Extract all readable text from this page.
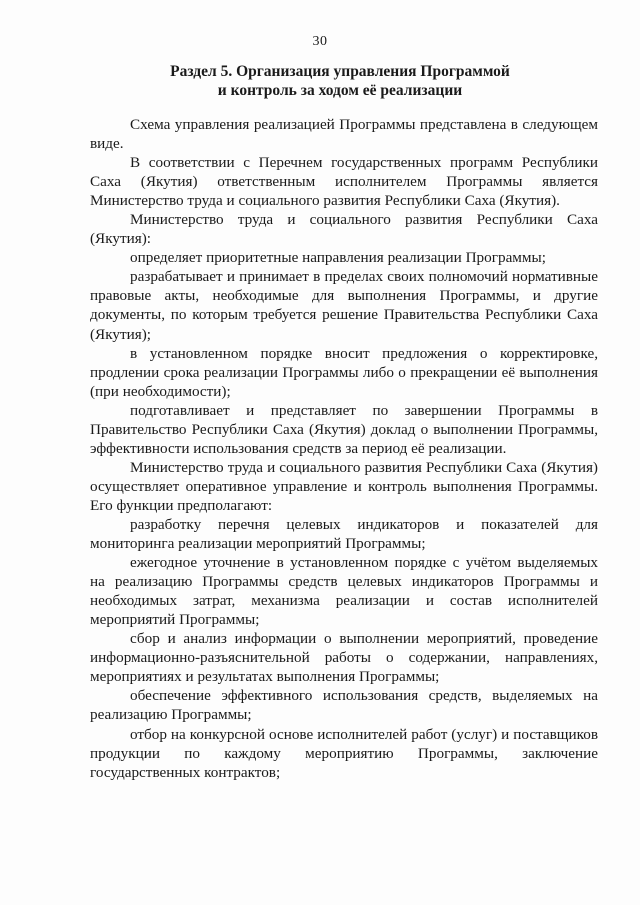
30
Раздел 5. Организация управления Программой
и контроль за ходом её реализации

Схема управления реализацией Программы представлена в следующем виде.

В соответствии с Перечнем государственных программ Республики Саха (Якутия) ответственным исполнителем Программы является Министерство труда и социального развития Республики Саха (Якутия).

Министерство труда и социального развития Республики Саха (Якутия):

определяет приоритетные направления реализации Программы;

разрабатывает и принимает в пределах своих полномочий нормативные правовые акты, необходимые для выполнения Программы, и другие документы, по которым требуется решение Правительства Республики Саха (Якутия);

в установленном порядке вносит предложения о корректировке, продлении срока реализации Программы либо о прекращении её выполнения (при необходимости);

подготавливает и представляет по завершении Программы в Правительство Республики Саха (Якутия) доклад о выполнении Программы, эффективности использования средств за период её реализации.

Министерство труда и социального развития Республики Саха (Якутия) осуществляет оперативное управление и контроль выполнения Программы. Его функции предполагают:

разработку перечня целевых индикаторов и показателей для мониторинга реализации мероприятий Программы;

ежегодное уточнение в установленном порядке с учётом выделяемых на реализацию Программы средств целевых индикаторов Программы и необходимых затрат, механизма реализации и состав исполнителей мероприятий Программы;

сбор и анализ информации о выполнении мероприятий, проведение информационно-разъяснительной работы о содержании, направлениях, мероприятиях и результатах выполнения Программы;

обеспечение эффективного использования средств, выделяемых на реализацию Программы;

отбор на конкурсной основе исполнителей работ (услуг) и поставщиков продукции по каждому мероприятию Программы, заключение государственных контрактов;
